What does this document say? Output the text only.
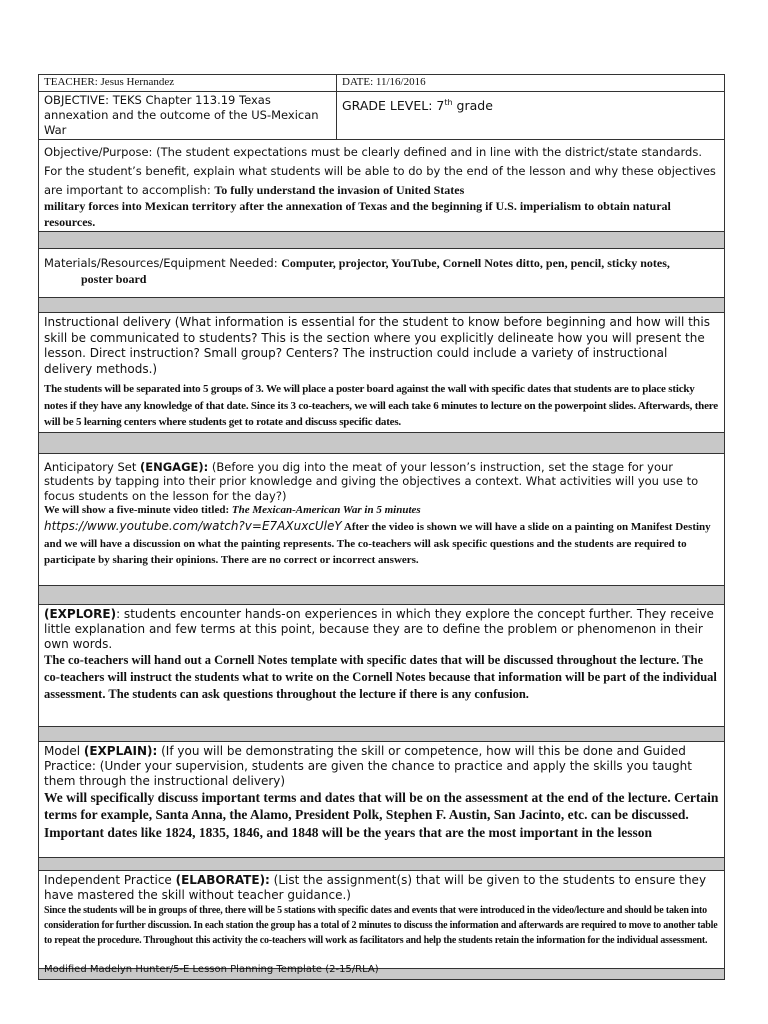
TEACHER: Jesus Hernandez	DATE: 11/16/2016
OBJECTIVE: TEKS Chapter 113.19 Texas annexation and the outcome of the US-Mexican War	GRADE LEVEL: 7th grade
Objective/Purpose: (The student expectations must be clearly defined and in line with the district/state standards. For the student’s benefit, explain what students will be able to do by the end of the lesson and why these objectives are important to accomplish: To fully understand the invasion of United States
military forces into Mexican territory after the annexation of Texas and the beginning if U.S. imperialism to obtain natural resources.	

Materials/Resources/Equipment Needed: Computer, projector, YouTube, Cornell Notes ditto, pen, pencil, sticky notes,
poster board	

Instructional delivery (What information is essential for the student to know before beginning and how will this skill be communicated to students? This is the section where you explicitly delineate how you will present the lesson. Direct instruction? Small group? Centers? The instruction could include a variety of instructional delivery methods.)
The students will be separated into 5 groups of 3. We will place a poster board against the wall with specific dates that students are to place sticky notes if they have any knowledge of that date. Since its 3 co-teachers, we will each take 6 minutes to lecture on the powerpoint slides. Afterwards, there will be 5 learning centers where students get to rotate and discuss specific dates.	

Anticipatory Set (ENGAGE): (Before you dig into the meat of your lesson’s instruction, set the stage for your students by tapping into their prior knowledge and giving the objectives a context. What activities will you use to focus students on the lesson for the day?)
We will show a five-minute video titled: The Mexican-American War in 5 minutes
https://www.youtube.com/watch?v=E7AXuxcUleY After the video is shown we will have a slide on a painting on Manifest Destiny and we will have a discussion on what the painting represents. The co-teachers will ask specific questions and the students are required to participate by sharing their opinions. There are no correct or incorrect answers.	

(EXPLORE): students encounter hands-on experiences in which they explore the concept further. They receive little explanation and few terms at this point, because they are to define the problem or phenomenon in their own words.
The co-teachers will hand out a Cornell Notes template with specific dates that will be discussed throughout the lecture. The co-teachers will instruct the students what to write on the Cornell Notes because that information will be part of the individual assessment. The students can ask questions throughout the lecture if there is any confusion.	

Model (EXPLAIN): (If you will be demonstrating the skill or competence, how will this be done and Guided Practice: (Under your supervision, students are given the chance to practice and apply the skills you taught them through the instructional delivery)
We will specifically discuss important terms and dates that will be on the assessment at the end of the lecture. Certain terms for example, Santa Anna, the Alamo, President Polk, Stephen F. Austin, San Jacinto, etc. can be discussed. Important dates like 1824, 1835, 1846, and 1848 will be the years that are the most important in the lesson	

Independent Practice (ELABORATE): (List the assignment(s) that will be given to the students to ensure they have mastered the skill without teacher guidance.)
Since the students will be in groups of three, there will be 5 stations with specific dates and events that were introduced in the video/lecture and should be taken into consideration for further discussion. In each station the group has a total of 2 minutes to discuss the information and afterwards are required to move to another table to repeat the procedure. Throughout this activity the co-teachers will work as facilitators and help the students retain the information for the individual assessment.	

Modified Madelyn Hunter/5-E Lesson Planning Template (2-15/RLA)
